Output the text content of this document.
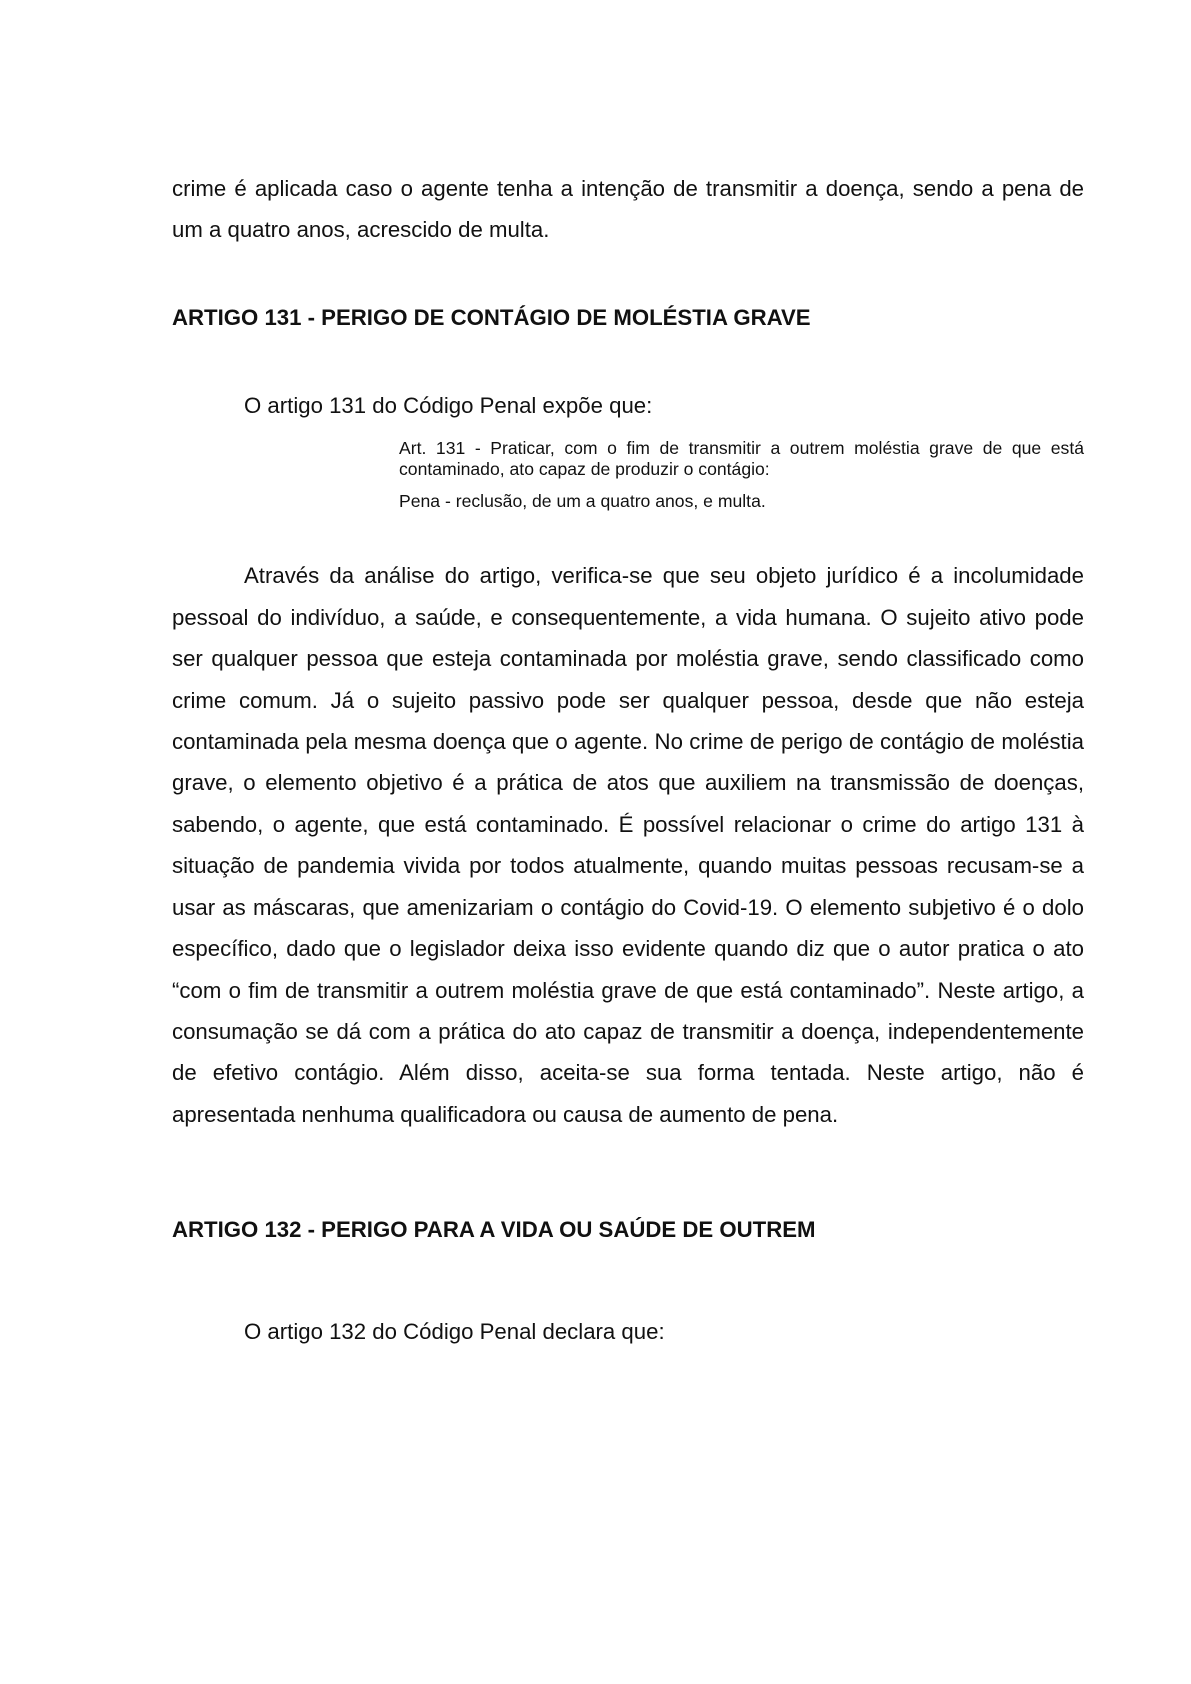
crime é aplicada caso o agente tenha a intenção de transmitir a doença, sendo a pena de um a quatro anos, acrescido de multa.

ARTIGO 131 - PERIGO DE CONTÁGIO DE MOLÉSTIA GRAVE

O artigo 131 do Código Penal expõe que:

Art. 131 - Praticar, com o fim de transmitir a outrem moléstia grave de que está contaminado, ato capaz de produzir o contágio:

Pena - reclusão, de um a quatro anos, e multa.

Através da análise do artigo, verifica-se que seu objeto jurídico é a incolumidade pessoal do indivíduo, a saúde, e consequentemente, a vida humana. O sujeito ativo pode ser qualquer pessoa que esteja contaminada por moléstia grave, sendo classificado como crime comum. Já o sujeito passivo pode ser qualquer pessoa, desde que não esteja contaminada pela mesma doença que o agente. No crime de perigo de contágio de moléstia grave, o elemento objetivo é a prática de atos que auxiliem na transmissão de doenças, sabendo, o agente, que está contaminado. É possível relacionar o crime do artigo 131 à situação de pandemia vivida por todos atualmente, quando muitas pessoas recusam-se a usar as máscaras, que amenizariam o contágio do Covid-19. O elemento subjetivo é o dolo específico, dado que o legislador deixa isso evidente quando diz que o autor pratica o ato “com o fim de transmitir a outrem moléstia grave de que está contaminado”. Neste artigo, a consumação se dá com a prática do ato capaz de transmitir a doença, independentemente de efetivo contágio. Além disso, aceita-se sua forma tentada. Neste artigo, não é apresentada nenhuma qualificadora ou causa de aumento de pena.

ARTIGO 132 - PERIGO PARA A VIDA OU SAÚDE DE OUTREM

O artigo 132 do Código Penal declara que:
